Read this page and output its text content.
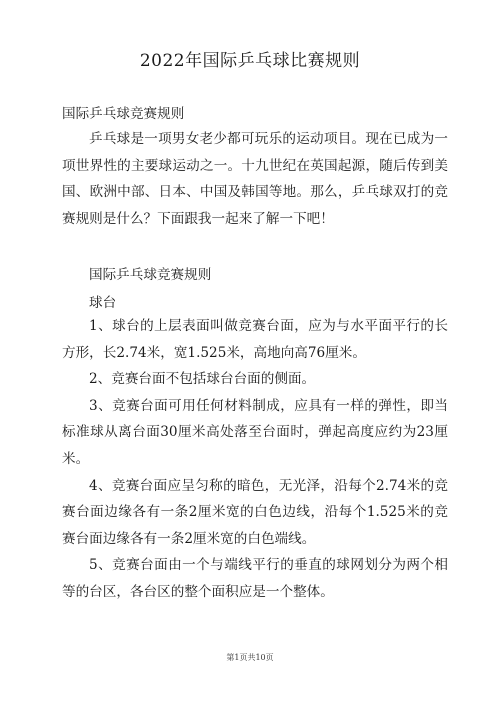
2022年国际乒乓球比赛规则
国际乒乓球竞赛规则

乒乓球是一项男女老少都可玩乐的运动项目。现在已成为一项世界性的主要球运动之一。十九世纪在英国起源，随后传到美国、欧洲中部、日本、中国及韩国等地。那么，乒乓球双打的竞赛规则是什么？下面跟我一起来了解一下吧！

国际乒乓球竞赛规则
球台

1、球台的上层表面叫做竞赛台面，应为与水平面平行的长方形，长2.74米，宽1.525米，高地向高76厘米。

2、竞赛台面不包括球台台面的侧面。

3、竞赛台面可用任何材料制成，应具有一样的弹性，即当标准球从离台面30厘米高处落至台面时，弹起高度应约为23厘米。

4、竞赛台面应呈匀称的暗色，无光泽，沿每个2.74米的竞赛台面边缘各有一条2厘米宽的白色边线，沿每个1.525米的竞赛台面边缘各有一条2厘米宽的白色端线。

5、竞赛台面由一个与端线平行的垂直的球网划分为两个相等的台区，各台区的整个面积应是一个整体。

第1页共10页
